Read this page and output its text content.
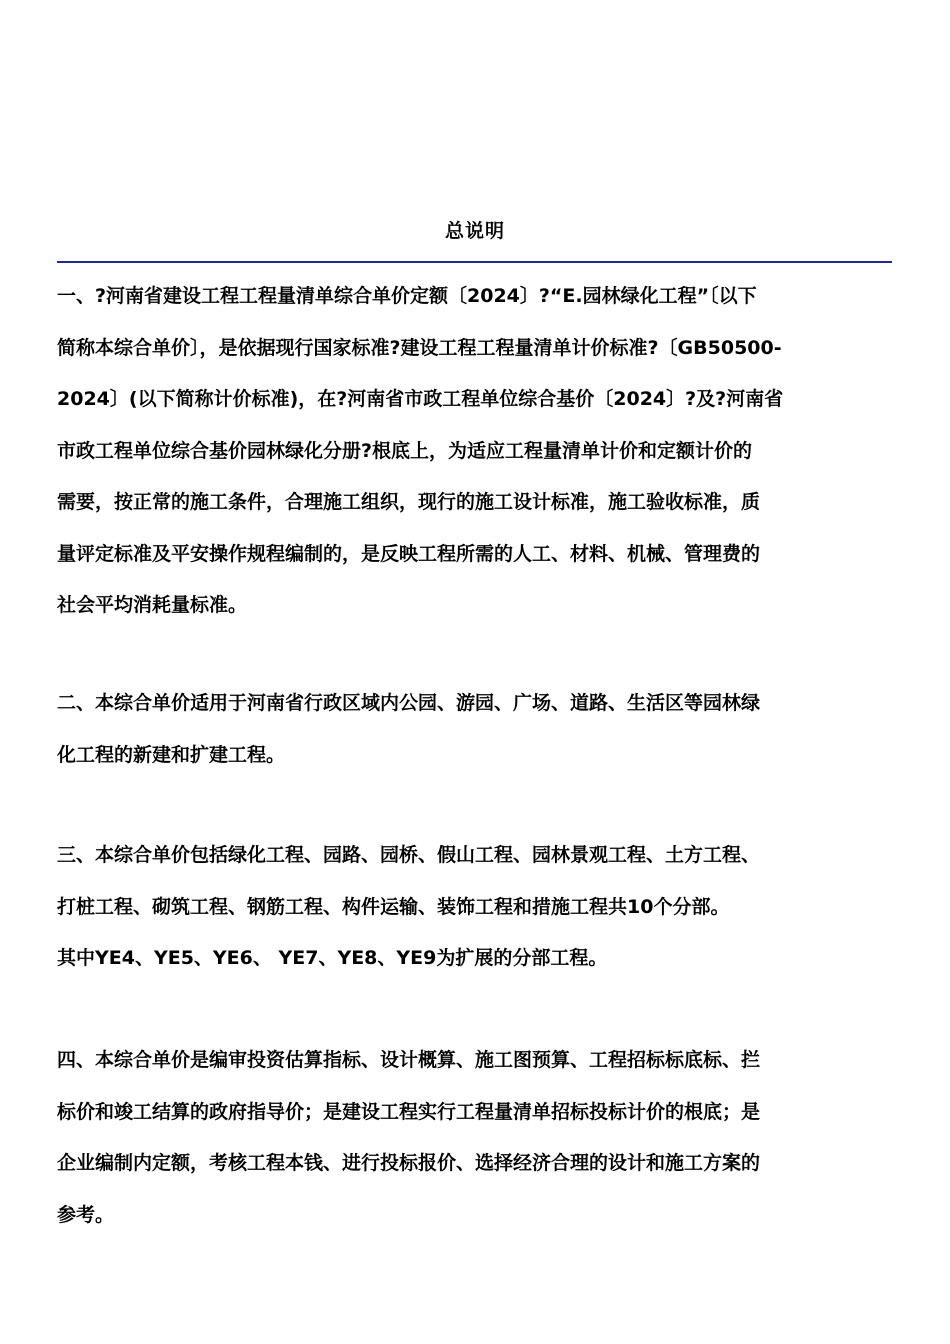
总说明
一、?河南省建设工程工程量清单综合单价定额〔2024〕?“E.园林绿化工程”〔以下
简称本综合单价〕，是依据现行国家标准?建设工程工程量清单计价标准?〔GB50500-
2024〕(以下简称计价标准)，在?河南省市政工程单位综合基价〔2024〕?及?河南省
市政工程单位综合基价园林绿化分册?根底上，为适应工程量清单计价和定额计价的
需要，按正常的施工条件，合理施工组织，现行的施工设计标准，施工验收标准，质
量评定标准及平安操作规程编制的，是反映工程所需的人工、材料、机械、管理费的
社会平均消耗量标准。
二、本综合单价适用于河南省行政区域内公园、游园、广场、道路、生活区等园林绿
化工程的新建和扩建工程。
三、本综合单价包括绿化工程、园路、园桥、假山工程、园林景观工程、土方工程、
打桩工程、砌筑工程、钢筋工程、构件运输、装饰工程和措施工程共10个分部。
其中YE4、YE5、YE6、 YE7、YE8、YE9为扩展的分部工程。
四、本综合单价是编审投资估算指标、设计概算、施工图预算、工程招标标底标、拦
标价和竣工结算的政府指导价；是建设工程实行工程量清单招标投标计价的根底；是
企业编制内定额，考核工程本钱、进行投标报价、选择经济合理的设计和施工方案的
参考。
